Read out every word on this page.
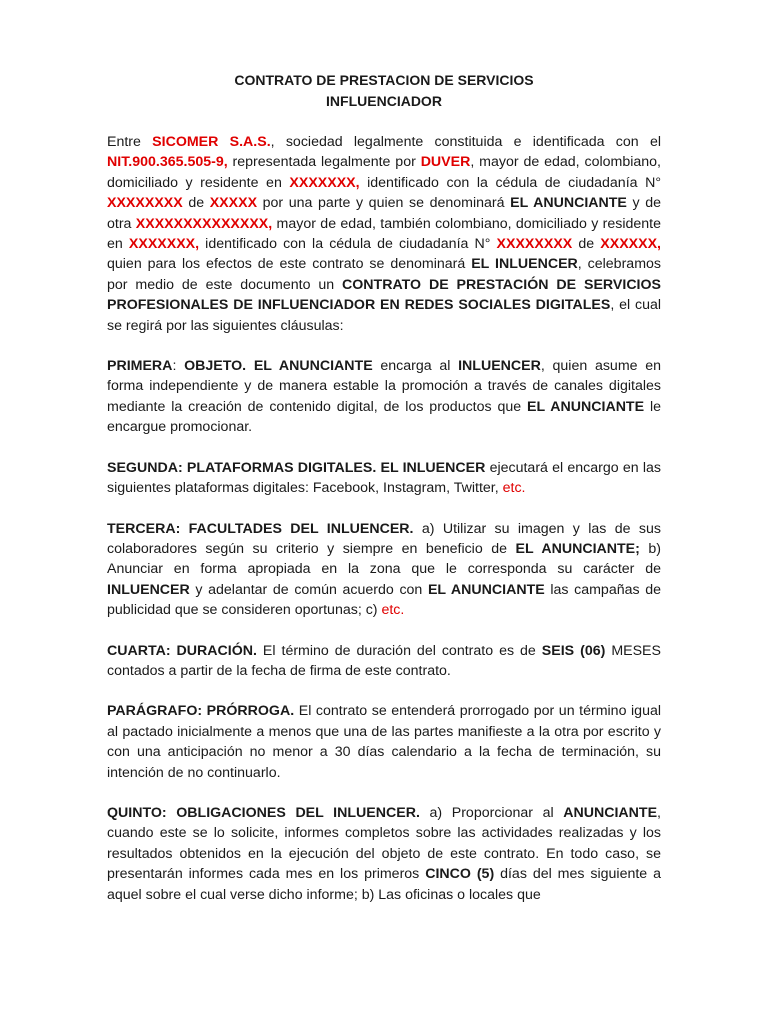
CONTRATO DE PRESTACION DE SERVICIOS
INFLUENCIADOR

Entre SICOMER S.A.S., sociedad legalmente constituida e identificada con el NIT.900.365.505-9, representada legalmente por DUVER, mayor de edad, colombiano, domiciliado y residente en XXXXXXX, identificado con la cédula de ciudadanía N° XXXXXXXX de XXXXX por una parte y quien se denominará EL ANUNCIANTE y de otra XXXXXXXXXXXXXX, mayor de edad, también colombiano, domiciliado y residente en XXXXXXX, identificado con la cédula de ciudadanía N° XXXXXXXX de XXXXXX, quien para los efectos de este contrato se denominará EL INLUENCER, celebramos por medio de este documento un CONTRATO DE PRESTACIÓN DE SERVICIOS PROFESIONALES DE INFLUENCIADOR EN REDES SOCIALES DIGITALES, el cual se regirá por las siguientes cláusulas:

PRIMERA: OBJETO. EL ANUNCIANTE encarga al INLUENCER, quien asume en forma independiente y de manera estable la promoción a través de canales digitales mediante la creación de contenido digital, de los productos que EL ANUNCIANTE le encargue promocionar.

SEGUNDA: PLATAFORMAS DIGITALES. EL INLUENCER ejecutará el encargo en las siguientes plataformas digitales: Facebook, Instagram, Twitter, etc.

TERCERA: FACULTADES DEL INLUENCER. a) Utilizar su imagen y las de sus colaboradores según su criterio y siempre en beneficio de EL ANUNCIANTE; b) Anunciar en forma apropiada en la zona que le corresponda su carácter de INLUENCER y adelantar de común acuerdo con EL ANUNCIANTE las campañas de publicidad que se consideren oportunas; c) etc.

CUARTA: DURACIÓN. El término de duración del contrato es de SEIS (06) MESES contados a partir de la fecha de firma de este contrato.

PARÁGRAFO: PRÓRROGA. El contrato se entenderá prorrogado por un término igual al pactado inicialmente a menos que una de las partes manifieste a la otra por escrito y con una anticipación no menor a 30 días calendario a la fecha de terminación, su intención de no continuarlo.

QUINTO: OBLIGACIONES DEL INLUENCER. a) Proporcionar al ANUNCIANTE, cuando este se lo solicite, informes completos sobre las actividades realizadas y los resultados obtenidos en la ejecución del objeto de este contrato. En todo caso, se presentarán informes cada mes en los primeros CINCO (5) días del mes siguiente a aquel sobre el cual verse dicho informe; b) Las oficinas o locales que
